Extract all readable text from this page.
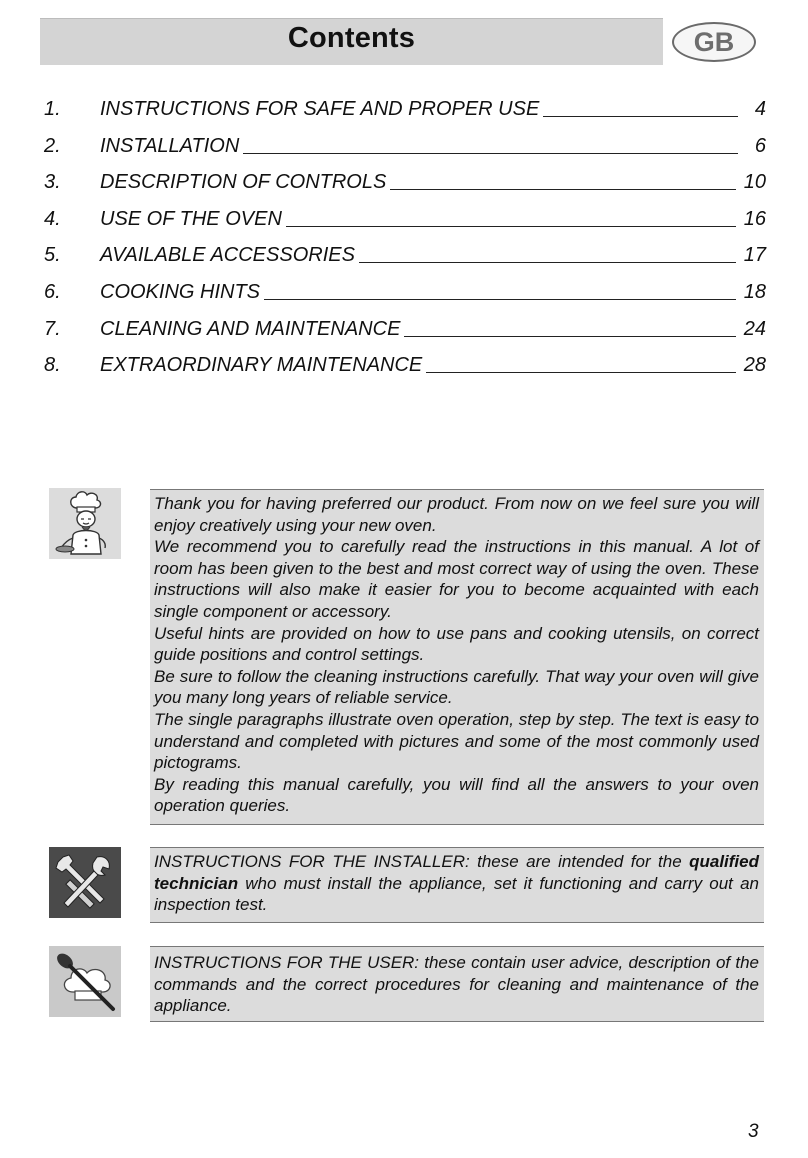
Contents	GB
1.	INSTRUCTIONS FOR SAFE AND PROPER USE	4
2.	INSTALLATION	6
3.	DESCRIPTION OF CONTROLS	10
4.	USE OF THE OVEN	16
5.	AVAILABLE ACCESSORIES	17
6.	COOKING HINTS	18
7.	CLEANING AND MAINTENANCE	24
8.	EXTRAORDINARY MAINTENANCE	28

Thank you for having preferred our product. From now on we feel sure you will enjoy creatively using your new oven.

We recommend you to carefully read the instructions in this manual. A lot of room has been given to the best and most correct way of using the oven. These instructions will also make it easier for you to become acquainted with each single component or accessory.

Useful hints are provided on how to use pans and cooking utensils, on correct guide positions and control settings.

Be sure to follow the cleaning instructions carefully. That way your oven will give you many long years of reliable service.

The single paragraphs illustrate oven operation, step by step. The text is easy to understand and completed with pictures and some of the most commonly used pictograms.

By reading this manual carefully, you will find all the answers to your oven operation queries.

INSTRUCTIONS FOR THE INSTALLER: these are intended for the qualified technician who must install the appliance, set it functioning and carry out an inspection test.

INSTRUCTIONS FOR THE USER: these contain user advice, description of the commands and the correct procedures for cleaning and maintenance of the appliance.

3
